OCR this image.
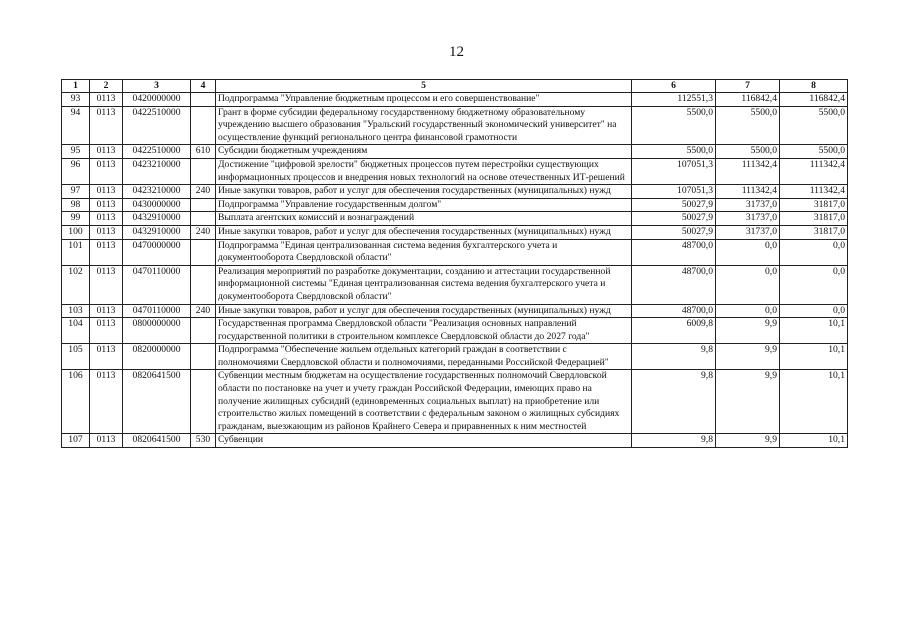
12
1	2	3	4	5	6	7	8
93	0113	0420000000		Подпрограмма "Управление бюджетным процессом и его совершенствование"	112551,3	116842,4	116842,4
94	0113	0422510000		Грант в форме субсидии федеральному государственному бюджетному образовательному учреждению высшего образования "Уральский государственный экономический университет" на осуществление функций регионального центра финансовой грамотности	5500,0	5500,0	5500,0
95	0113	0422510000	610	Субсидии бюджетным учреждениям	5500,0	5500,0	5500,0
96	0113	0423210000		Достижение "цифровой зрелости" бюджетных процессов путем перестройки существующих информационных процессов и внедрения новых технологий на основе отечественных ИТ-решений	107051,3	111342,4	111342,4
97	0113	0423210000	240	Иные закупки товаров, работ и услуг для обеспечения государственных (муниципальных) нужд	107051,3	111342,4	111342,4
98	0113	0430000000		Подпрограмма "Управление государственным долгом"	50027,9	31737,0	31817,0
99	0113	0432910000		Выплата агентских комиссий и вознаграждений	50027,9	31737,0	31817,0
100	0113	0432910000	240	Иные закупки товаров, работ и услуг для обеспечения государственных (муниципальных) нужд	50027,9	31737,0	31817,0
101	0113	0470000000		Подпрограмма "Единая централизованная система ведения бухгалтерского учета и документооборота Свердловской области"	48700,0	0,0	0,0
102	0113	0470110000		Реализация мероприятий по разработке документации, созданию и аттестации государственной информационной системы "Единая централизованная система ведения бухгалтерского учета и документооборота Свердловской области"	48700,0	0,0	0,0
103	0113	0470110000	240	Иные закупки товаров, работ и услуг для обеспечения государственных (муниципальных) нужд	48700,0	0,0	0,0
104	0113	0800000000		Государственная программа Свердловской области "Реализация основных направлений государственной политики в строительном комплексе Свердловской области до 2027 года"	6009,8	9,9	10,1
105	0113	0820000000		Подпрограмма "Обеспечение жильем отдельных категорий граждан в соответствии с полномочиями Свердловской области и полномочиями, переданными Российской Федерацией"	9,8	9,9	10,1
106	0113	0820641500		Субвенции местным бюджетам на осуществление государственных полномочий Свердловской области по постановке на учет и учету граждан Российской Федерации, имеющих право на получение жилищных субсидий (единовременных социальных выплат) на приобретение или строительство жилых помещений в соответствии с федеральным законом о жилищных субсидиях гражданам, выезжающим из районов Крайнего Севера и приравненных к ним местностей	9,8	9,9	10,1
107	0113	0820641500	530	Субвенции	9,8	9,9	10,1
